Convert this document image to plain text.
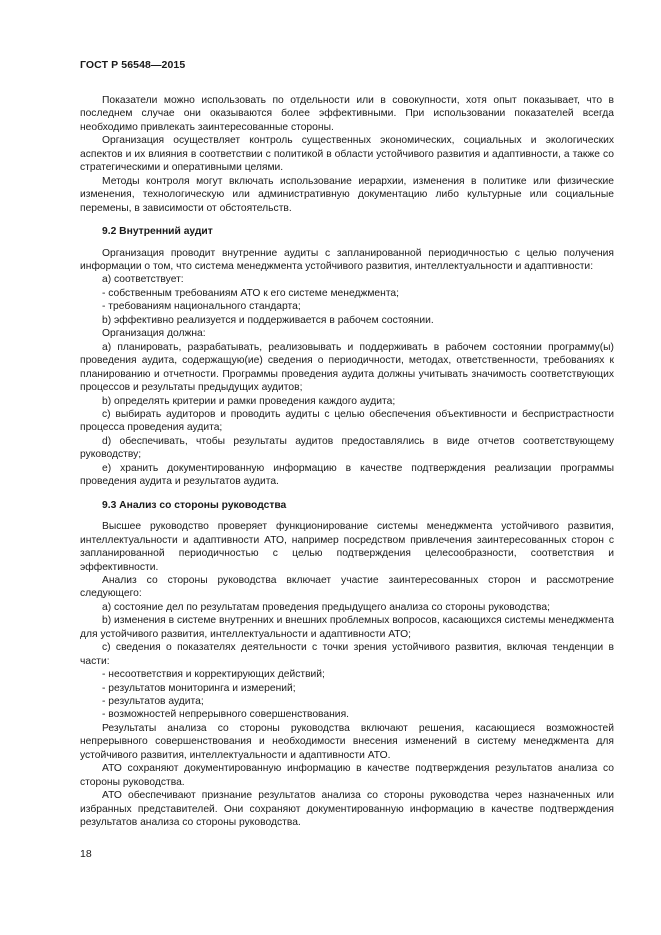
ГОСТ Р 56548—2015

Показатели можно использовать по отдельности или в совокупности, хотя опыт показывает, что в последнем случае они оказываются более эффективными. При использовании показателей всегда необходимо привлекать заинтересованные стороны.

Организация осуществляет контроль существенных экономических, социальных и экологических аспектов и их влияния в соответствии с политикой в области устойчивого развития и адаптивности, а также со стратегическими и оперативными целями.

Методы контроля могут включать использование иерархии, изменения в политике или физические изменения, технологическую или административную документацию либо культурные или социальные перемены, в зависимости от обстоятельств.

9.2 Внутренний аудит

Организация проводит внутренние аудиты с запланированной периодичностью с целью получения информации о том, что система менеджмента устойчивого развития, интеллектуальности и адаптивности:

a) соответствует:

- собственным требованиям АТО к его системе менеджмента;

- требованиям национального стандарта;

b) эффективно реализуется и поддерживается в рабочем состоянии.

Организация должна:

a) планировать, разрабатывать, реализовывать и поддерживать в рабочем состоянии программу(ы) проведения аудита, содержащую(ие) сведения о периодичности, методах, ответственности, требованиях к планированию и отчетности. Программы проведения аудита должны учитывать значимость соответствующих процессов и результаты предыдущих аудитов;

b) определять критерии и рамки проведения каждого аудита;

c) выбирать аудиторов и проводить аудиты с целью обеспечения объективности и беспристрастности процесса проведения аудита;

d) обеспечивать, чтобы результаты аудитов предоставлялись в виде отчетов соответствующему руководству;

e) хранить документированную информацию в качестве подтверждения реализации программы проведения аудита и результатов аудита.

9.3 Анализ со стороны руководства

Высшее руководство проверяет функционирование системы менеджмента устойчивого развития, интеллектуальности и адаптивности АТО, например посредством привлечения заинтересованных сторон с запланированной периодичностью с целью подтверждения целесообразности, соответствия и эффективности.

Анализ со стороны руководства включает участие заинтересованных сторон и рассмотрение следующего:

a) состояние дел по результатам проведения предыдущего анализа со стороны руководства;

b) изменения в системе внутренних и внешних проблемных вопросов, касающихся системы менеджмента для устойчивого развития, интеллектуальности и адаптивности АТО;

c) сведения о показателях деятельности с точки зрения устойчивого развития, включая тенденции в части:

- несоответствия и корректирующих действий;

- результатов мониторинга и измерений;

- результатов аудита;

- возможностей непрерывного совершенствования.

Результаты анализа со стороны руководства включают решения, касающиеся возможностей непрерывного совершенствования и необходимости внесения изменений в систему менеджмента для устойчивого развития, интеллектуальности и адаптивности АТО.

АТО сохраняют документированную информацию в качестве подтверждения результатов анализа со стороны руководства.

АТО обеспечивают признание результатов анализа со стороны руководства через назначенных или избранных представителей. Они сохраняют документированную информацию в качестве подтверждения результатов анализа со стороны руководства.

18
